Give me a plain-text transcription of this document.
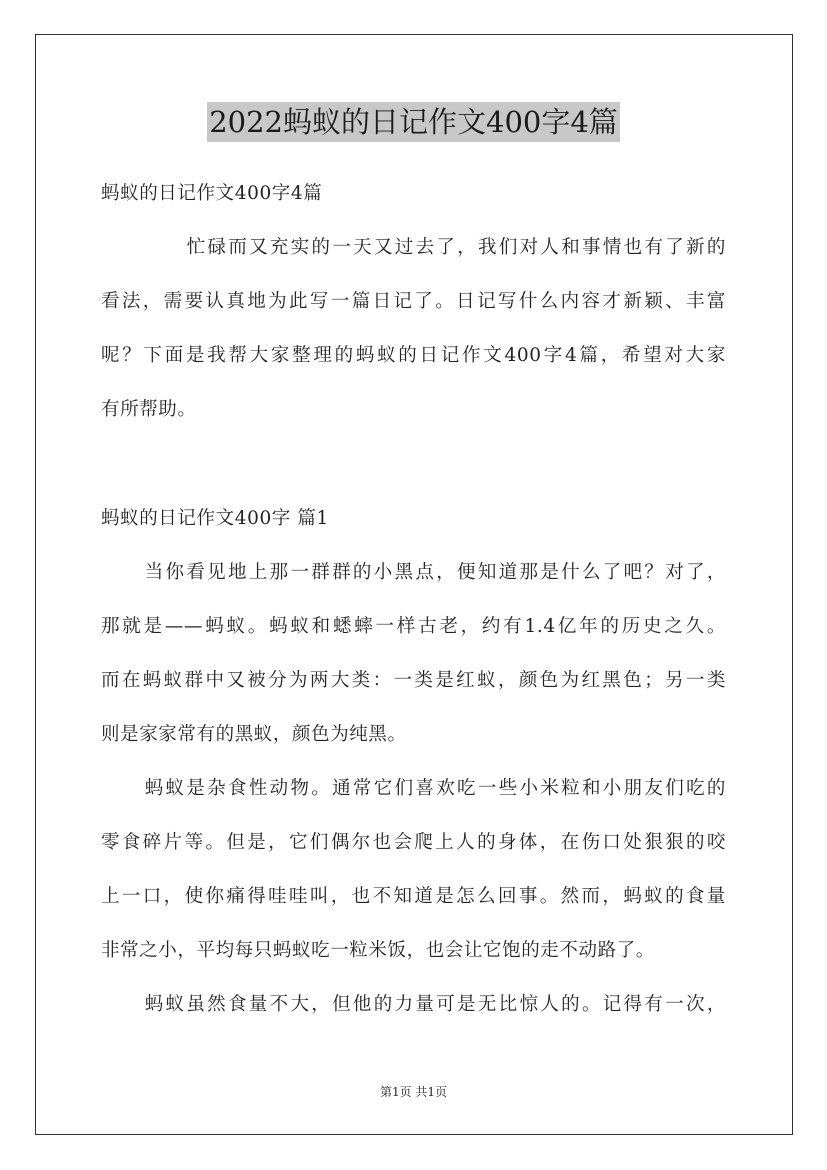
2022蚂蚁的日记作文400字4篇
蚂蚁的日记作文400字4篇
忙碌而又充实的一天又过去了，我们对人和事情也有了新的
看法，需要认真地为此写一篇日记了。日记写什么内容才新颖、丰富
呢？下面是我帮大家整理的蚂蚁的日记作文400字4篇，希望对大家
有所帮助。
蚂蚁的日记作文400字 篇1
当你看见地上那一群群的小黑点，便知道那是什么了吧？对了，
那就是——蚂蚁。蚂蚁和蟋蟀一样古老，约有1.4亿年的历史之久。
而在蚂蚁群中又被分为两大类：一类是红蚁，颜色为红黑色；另一类
则是家家常有的黑蚁，颜色为纯黑。
蚂蚁是杂食性动物。通常它们喜欢吃一些小米粒和小朋友们吃的
零食碎片等。但是，它们偶尔也会爬上人的身体，在伤口处狠狠的咬
上一口，使你痛得哇哇叫，也不知道是怎么回事。然而，蚂蚁的食量
非常之小，平均每只蚂蚁吃一粒米饭，也会让它饱的走不动路了。
蚂蚁虽然食量不大，但他的力量可是无比惊人的。记得有一次，
第1页 共1页
